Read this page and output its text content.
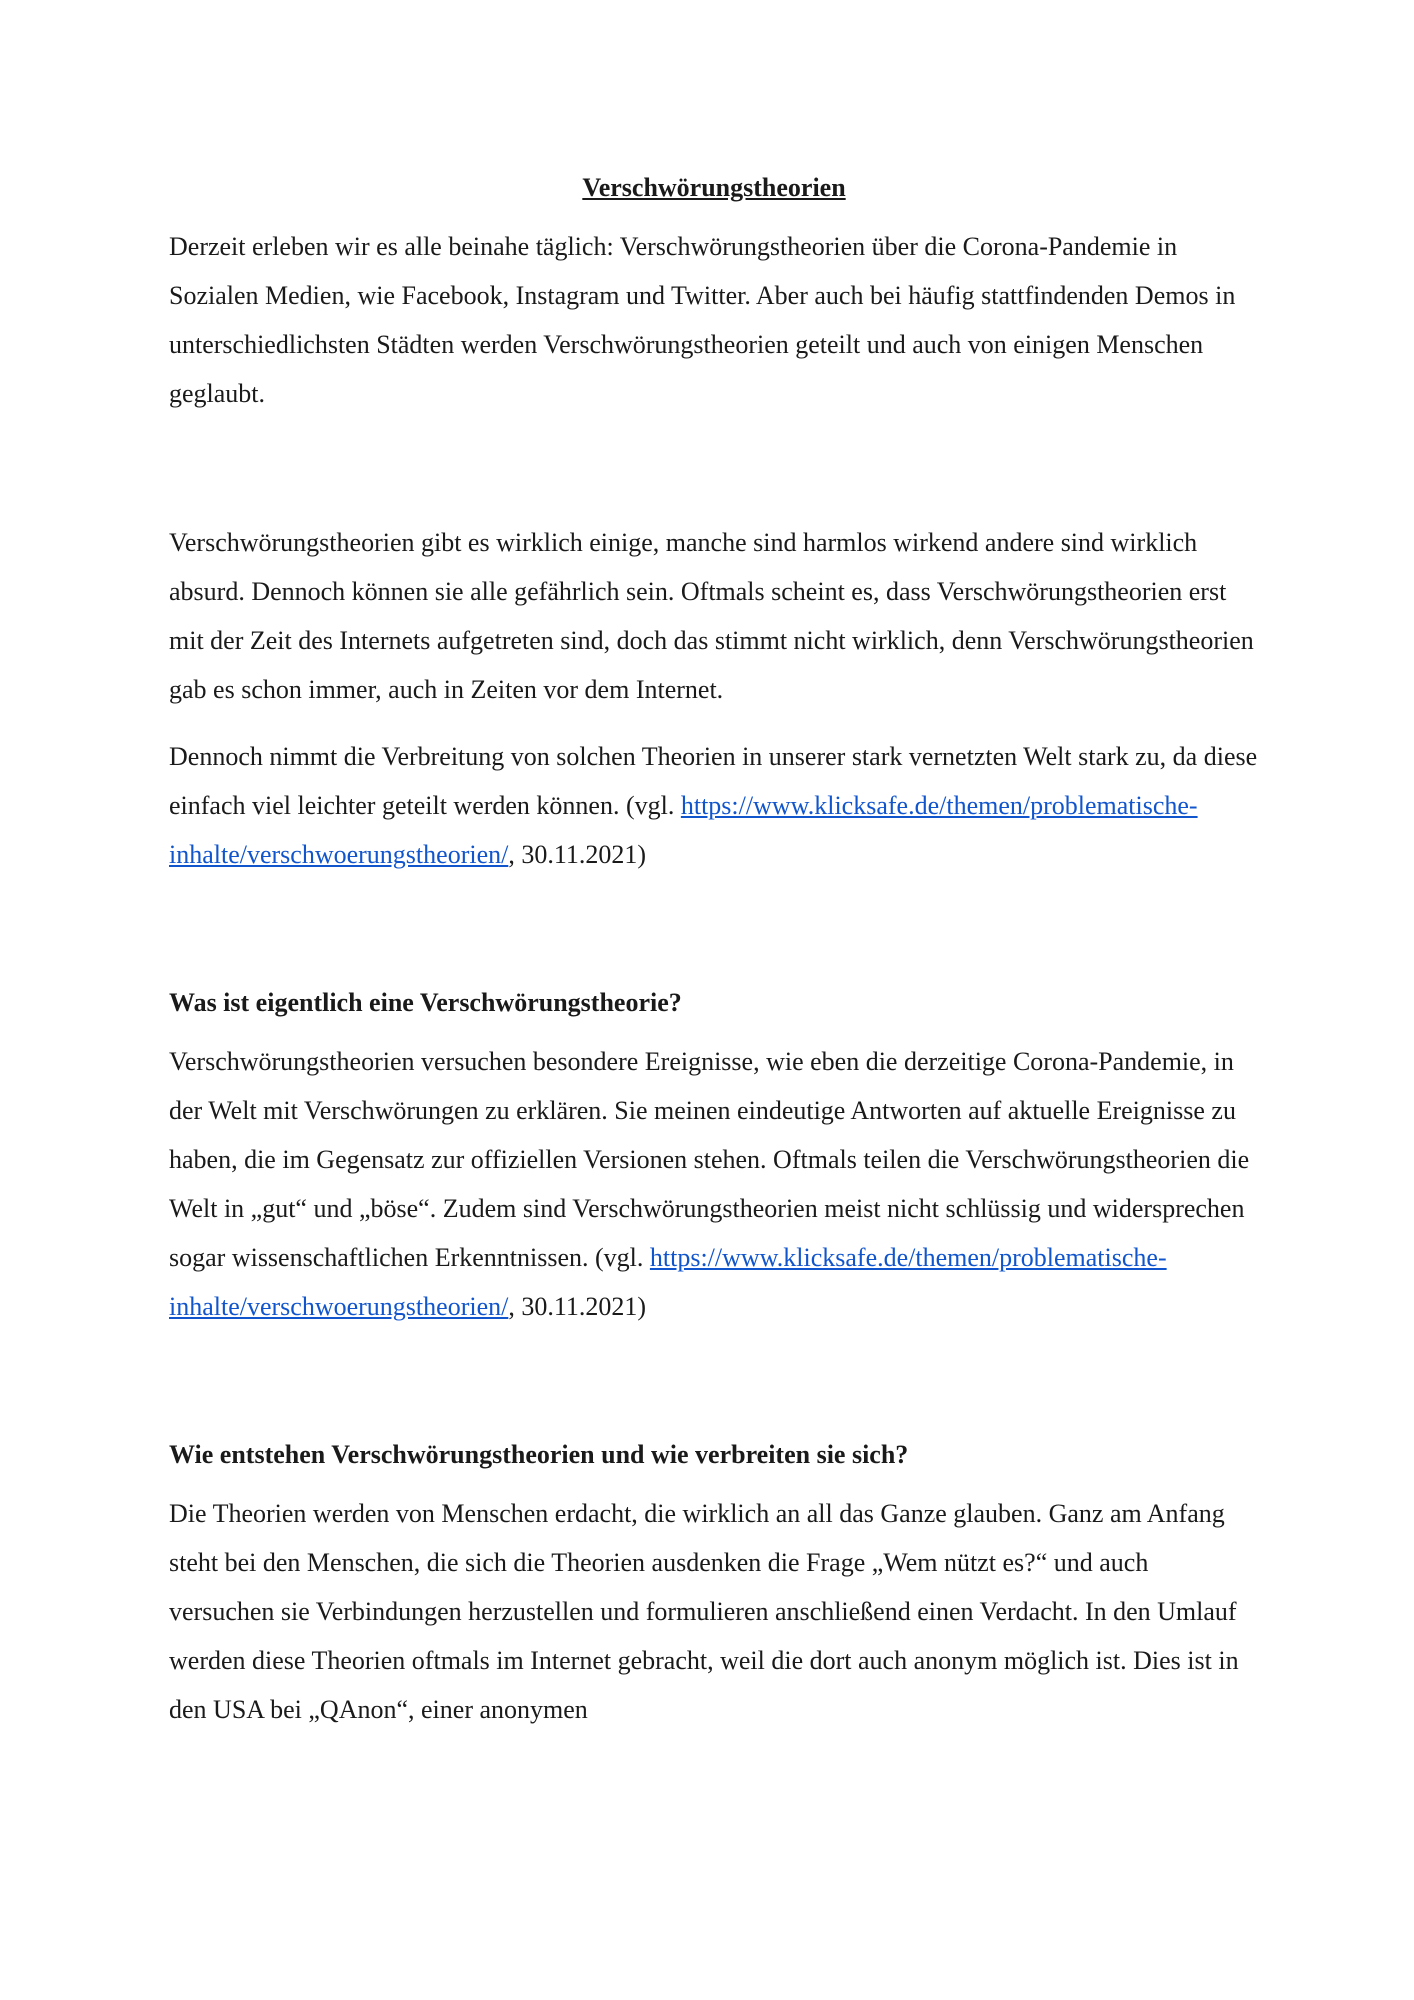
Verschwörungstheorien

Derzeit erleben wir es alle beinahe täglich: Verschwörungstheorien über die Corona-Pandemie in Sozialen Medien, wie Facebook, Instagram und Twitter. Aber auch bei häufig stattfindenden Demos in unterschiedlichsten Städten werden Verschwörungstheorien geteilt und auch von einigen Menschen geglaubt.

Verschwörungstheorien gibt es wirklich einige, manche sind harmlos wirkend andere sind wirklich absurd. Dennoch können sie alle gefährlich sein. Oftmals scheint es, dass Verschwörungstheorien erst mit der Zeit des Internets aufgetreten sind, doch das stimmt nicht wirklich, denn Verschwörungstheorien gab es schon immer, auch in Zeiten vor dem Internet.

Dennoch nimmt die Verbreitung von solchen Theorien in unserer stark vernetzten Welt stark zu, da diese einfach viel leichter geteilt werden können. (vgl. https://www.klicksafe.de/themen/problematische-inhalte/verschwoerungstheorien/, 30.11.2021)

Was ist eigentlich eine Verschwörungstheorie?

Verschwörungstheorien versuchen besondere Ereignisse, wie eben die derzeitige Corona-Pandemie, in der Welt mit Verschwörungen zu erklären. Sie meinen eindeutige Antworten auf aktuelle Ereignisse zu haben, die im Gegensatz zur offiziellen Versionen stehen. Oftmals teilen die Verschwörungstheorien die Welt in „gut“ und „böse“. Zudem sind Verschwörungstheorien meist nicht schlüssig und widersprechen sogar wissenschaftlichen Erkenntnissen. (vgl. https://www.klicksafe.de/themen/problematische-inhalte/verschwoerungstheorien/, 30.11.2021)

Wie entstehen Verschwörungstheorien und wie verbreiten sie sich?

Die Theorien werden von Menschen erdacht, die wirklich an all das Ganze glauben. Ganz am Anfang steht bei den Menschen, die sich die Theorien ausdenken die Frage „Wem nützt es?“ und auch versuchen sie Verbindungen herzustellen und formulieren anschließend einen Verdacht. In den Umlauf werden diese Theorien oftmals im Internet gebracht, weil die dort auch anonym möglich ist. Dies ist in den USA bei „QAnon“, einer anonymen
